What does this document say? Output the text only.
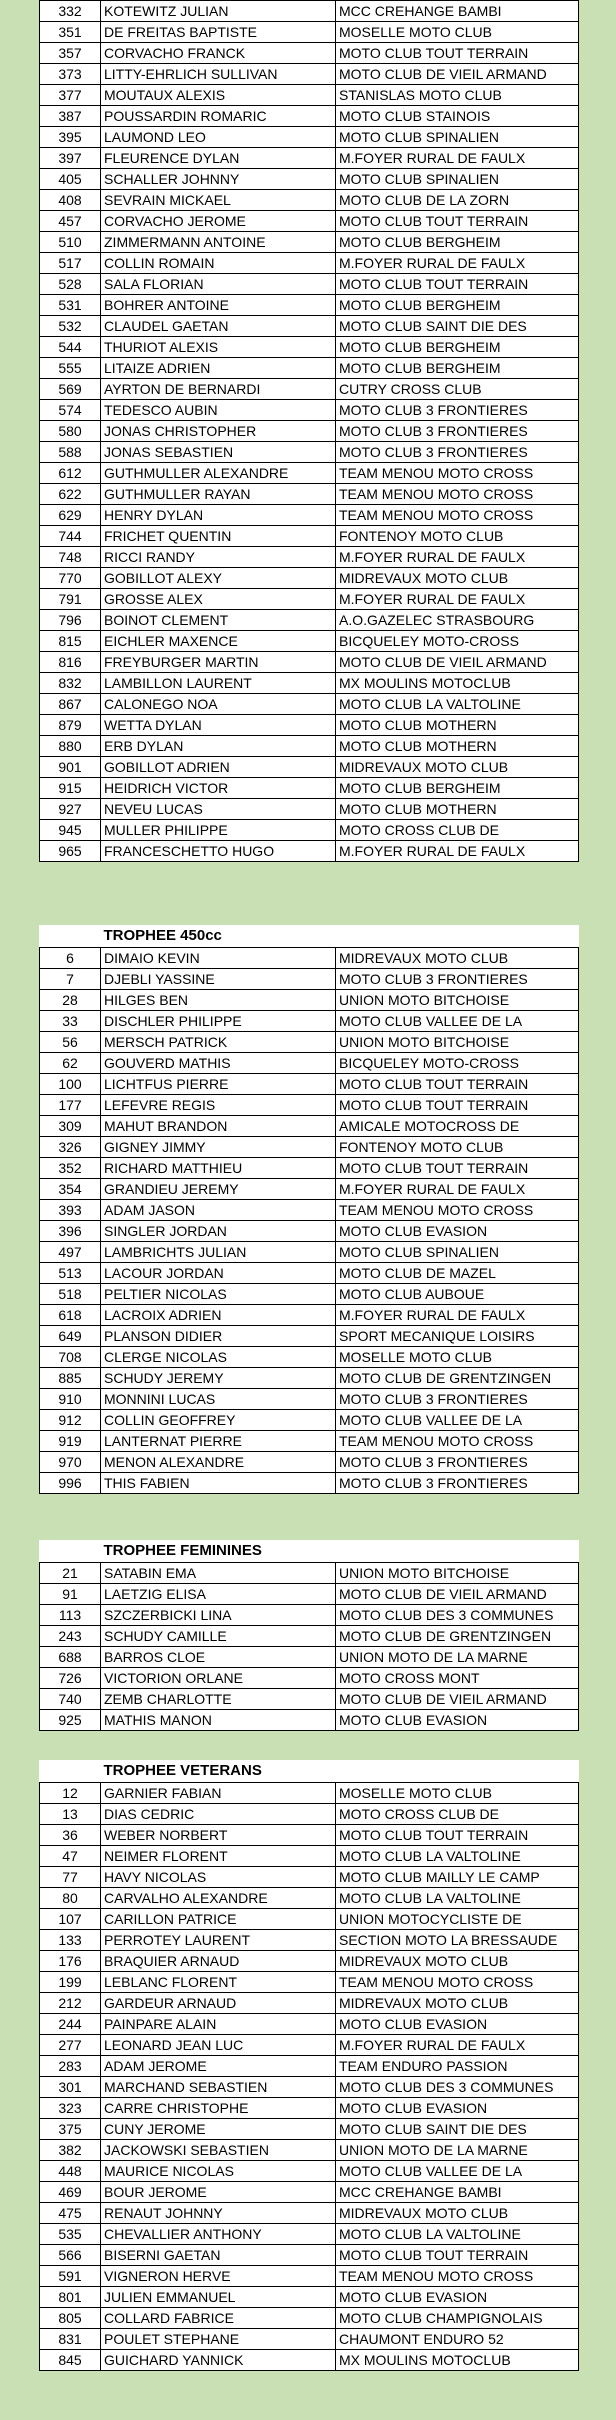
332	KOTEWITZ JULIAN	MCC CREHANGE BAMBI
351	DE FREITAS BAPTISTE	MOSELLE MOTO CLUB
357	CORVACHO FRANCK	MOTO CLUB TOUT TERRAIN
373	LITTY-EHRLICH SULLIVAN	MOTO CLUB DE VIEIL ARMAND
377	MOUTAUX ALEXIS	STANISLAS MOTO CLUB
387	POUSSARDIN ROMARIC	MOTO CLUB STAINOIS
395	LAUMOND LEO	MOTO CLUB SPINALIEN
397	FLEURENCE DYLAN	M.FOYER RURAL DE FAULX
405	SCHALLER JOHNNY	MOTO CLUB SPINALIEN
408	SEVRAIN MICKAEL	MOTO CLUB DE LA ZORN
457	CORVACHO JEROME	MOTO CLUB TOUT TERRAIN
510	ZIMMERMANN ANTOINE	MOTO CLUB BERGHEIM
517	COLLIN ROMAIN	M.FOYER RURAL DE FAULX
528	SALA FLORIAN	MOTO CLUB TOUT TERRAIN
531	BOHRER ANTOINE	MOTO CLUB BERGHEIM
532	CLAUDEL GAETAN	MOTO CLUB SAINT DIE DES
544	THURIOT ALEXIS	MOTO CLUB BERGHEIM
555	LITAIZE ADRIEN	MOTO CLUB BERGHEIM
569	AYRTON DE BERNARDI	CUTRY CROSS CLUB
574	TEDESCO AUBIN	MOTO CLUB 3 FRONTIERES
580	JONAS CHRISTOPHER	MOTO CLUB 3 FRONTIERES
588	JONAS SEBASTIEN	MOTO CLUB 3 FRONTIERES
612	GUTHMULLER ALEXANDRE	TEAM MENOU MOTO CROSS
622	GUTHMULLER RAYAN	TEAM MENOU MOTO CROSS
629	HENRY DYLAN	TEAM MENOU MOTO CROSS
744	FRICHET QUENTIN	FONTENOY MOTO CLUB
748	RICCI RANDY	M.FOYER RURAL DE FAULX
770	GOBILLOT ALEXY	MIDREVAUX MOTO CLUB
791	GROSSE ALEX	M.FOYER RURAL DE FAULX
796	BOINOT CLEMENT	A.O.GAZELEC STRASBOURG
815	EICHLER MAXENCE	BICQUELEY MOTO-CROSS
816	FREYBURGER MARTIN	MOTO CLUB DE VIEIL ARMAND
832	LAMBILLON LAURENT	MX MOULINS MOTOCLUB
867	CALONEGO NOA	MOTO CLUB LA VALTOLINE
879	WETTA DYLAN	MOTO CLUB MOTHERN
880	ERB DYLAN	MOTO CLUB MOTHERN
901	GOBILLOT ADRIEN	MIDREVAUX MOTO CLUB
915	HEIDRICH VICTOR	MOTO CLUB BERGHEIM
927	NEVEU LUCAS	MOTO CLUB MOTHERN
945	MULLER PHILIPPE	MOTO CROSS CLUB DE
965	FRANCESCHETTO HUGO	M.FOYER RURAL DE FAULX
	TROPHEE 450cc	
6	DIMAIO KEVIN	MIDREVAUX MOTO CLUB
7	DJEBLI YASSINE	MOTO CLUB 3 FRONTIERES
28	HILGES BEN	UNION MOTO BITCHOISE
33	DISCHLER PHILIPPE	MOTO CLUB VALLEE DE LA
56	MERSCH PATRICK	UNION MOTO BITCHOISE
62	GOUVERD MATHIS	BICQUELEY MOTO-CROSS
100	LICHTFUS PIERRE	MOTO CLUB TOUT TERRAIN
177	LEFEVRE REGIS	MOTO CLUB TOUT TERRAIN
309	MAHUT BRANDON	AMICALE MOTOCROSS DE
326	GIGNEY JIMMY	FONTENOY MOTO CLUB
352	RICHARD MATTHIEU	MOTO CLUB TOUT TERRAIN
354	GRANDIEU JEREMY	M.FOYER RURAL DE FAULX
393	ADAM JASON	TEAM MENOU MOTO CROSS
396	SINGLER JORDAN	MOTO CLUB EVASION
497	LAMBRICHTS JULIAN	MOTO CLUB SPINALIEN
513	LACOUR JORDAN	MOTO CLUB DE MAZEL
518	PELTIER NICOLAS	MOTO CLUB AUBOUE
618	LACROIX ADRIEN	M.FOYER RURAL DE FAULX
649	PLANSON DIDIER	SPORT MECANIQUE LOISIRS
708	CLERGE NICOLAS	MOSELLE MOTO CLUB
885	SCHUDY JEREMY	MOTO CLUB DE GRENTZINGEN
910	MONNINI LUCAS	MOTO CLUB 3 FRONTIERES
912	COLLIN GEOFFREY	MOTO CLUB VALLEE DE LA
919	LANTERNAT PIERRE	TEAM MENOU MOTO CROSS
970	MENON ALEXANDRE	MOTO CLUB 3 FRONTIERES
996	THIS FABIEN	MOTO CLUB 3 FRONTIERES
	TROPHEE FEMININES	
21	SATABIN EMA	UNION MOTO BITCHOISE
91	LAETZIG ELISA	MOTO CLUB DE VIEIL ARMAND
113	SZCZERBICKI LINA	MOTO CLUB DES 3 COMMUNES
243	SCHUDY CAMILLE	MOTO CLUB DE GRENTZINGEN
688	BARROS CLOE	UNION MOTO DE LA MARNE
726	VICTORION ORLANE	MOTO CROSS MONT
740	ZEMB CHARLOTTE	MOTO CLUB DE VIEIL ARMAND
925	MATHIS MANON	MOTO CLUB EVASION
	TROPHEE VETERANS	
12	GARNIER FABIAN	MOSELLE MOTO CLUB
13	DIAS CEDRIC	MOTO CROSS CLUB DE
36	WEBER NORBERT	MOTO CLUB TOUT TERRAIN
47	NEIMER FLORENT	MOTO CLUB LA VALTOLINE
77	HAVY NICOLAS	MOTO CLUB MAILLY LE CAMP
80	CARVALHO ALEXANDRE	MOTO CLUB LA VALTOLINE
107	CARILLON PATRICE	UNION MOTOCYCLISTE DE
133	PERROTEY LAURENT	SECTION MOTO LA BRESSAUDE
176	BRAQUIER ARNAUD	MIDREVAUX MOTO CLUB
199	LEBLANC FLORENT	TEAM MENOU MOTO CROSS
212	GARDEUR ARNAUD	MIDREVAUX MOTO CLUB
244	PAINPARE ALAIN	MOTO CLUB EVASION
277	LEONARD JEAN LUC	M.FOYER RURAL DE FAULX
283	ADAM JEROME	TEAM ENDURO PASSION
301	MARCHAND SEBASTIEN	MOTO CLUB DES 3 COMMUNES
323	CARRE CHRISTOPHE	MOTO CLUB EVASION
375	CUNY JEROME	MOTO CLUB SAINT DIE DES
382	JACKOWSKI SEBASTIEN	UNION MOTO DE LA MARNE
448	MAURICE NICOLAS	MOTO CLUB VALLEE DE LA
469	BOUR JEROME	MCC CREHANGE BAMBI
475	RENAUT JOHNNY	MIDREVAUX MOTO CLUB
535	CHEVALLIER ANTHONY	MOTO CLUB LA VALTOLINE
566	BISERNI GAETAN	MOTO CLUB TOUT TERRAIN
591	VIGNERON HERVE	TEAM MENOU MOTO CROSS
801	JULIEN EMMANUEL	MOTO CLUB EVASION
805	COLLARD FABRICE	MOTO CLUB CHAMPIGNOLAIS
831	POULET STEPHANE	CHAUMONT ENDURO 52
845	GUICHARD YANNICK	MX MOULINS MOTOCLUB
